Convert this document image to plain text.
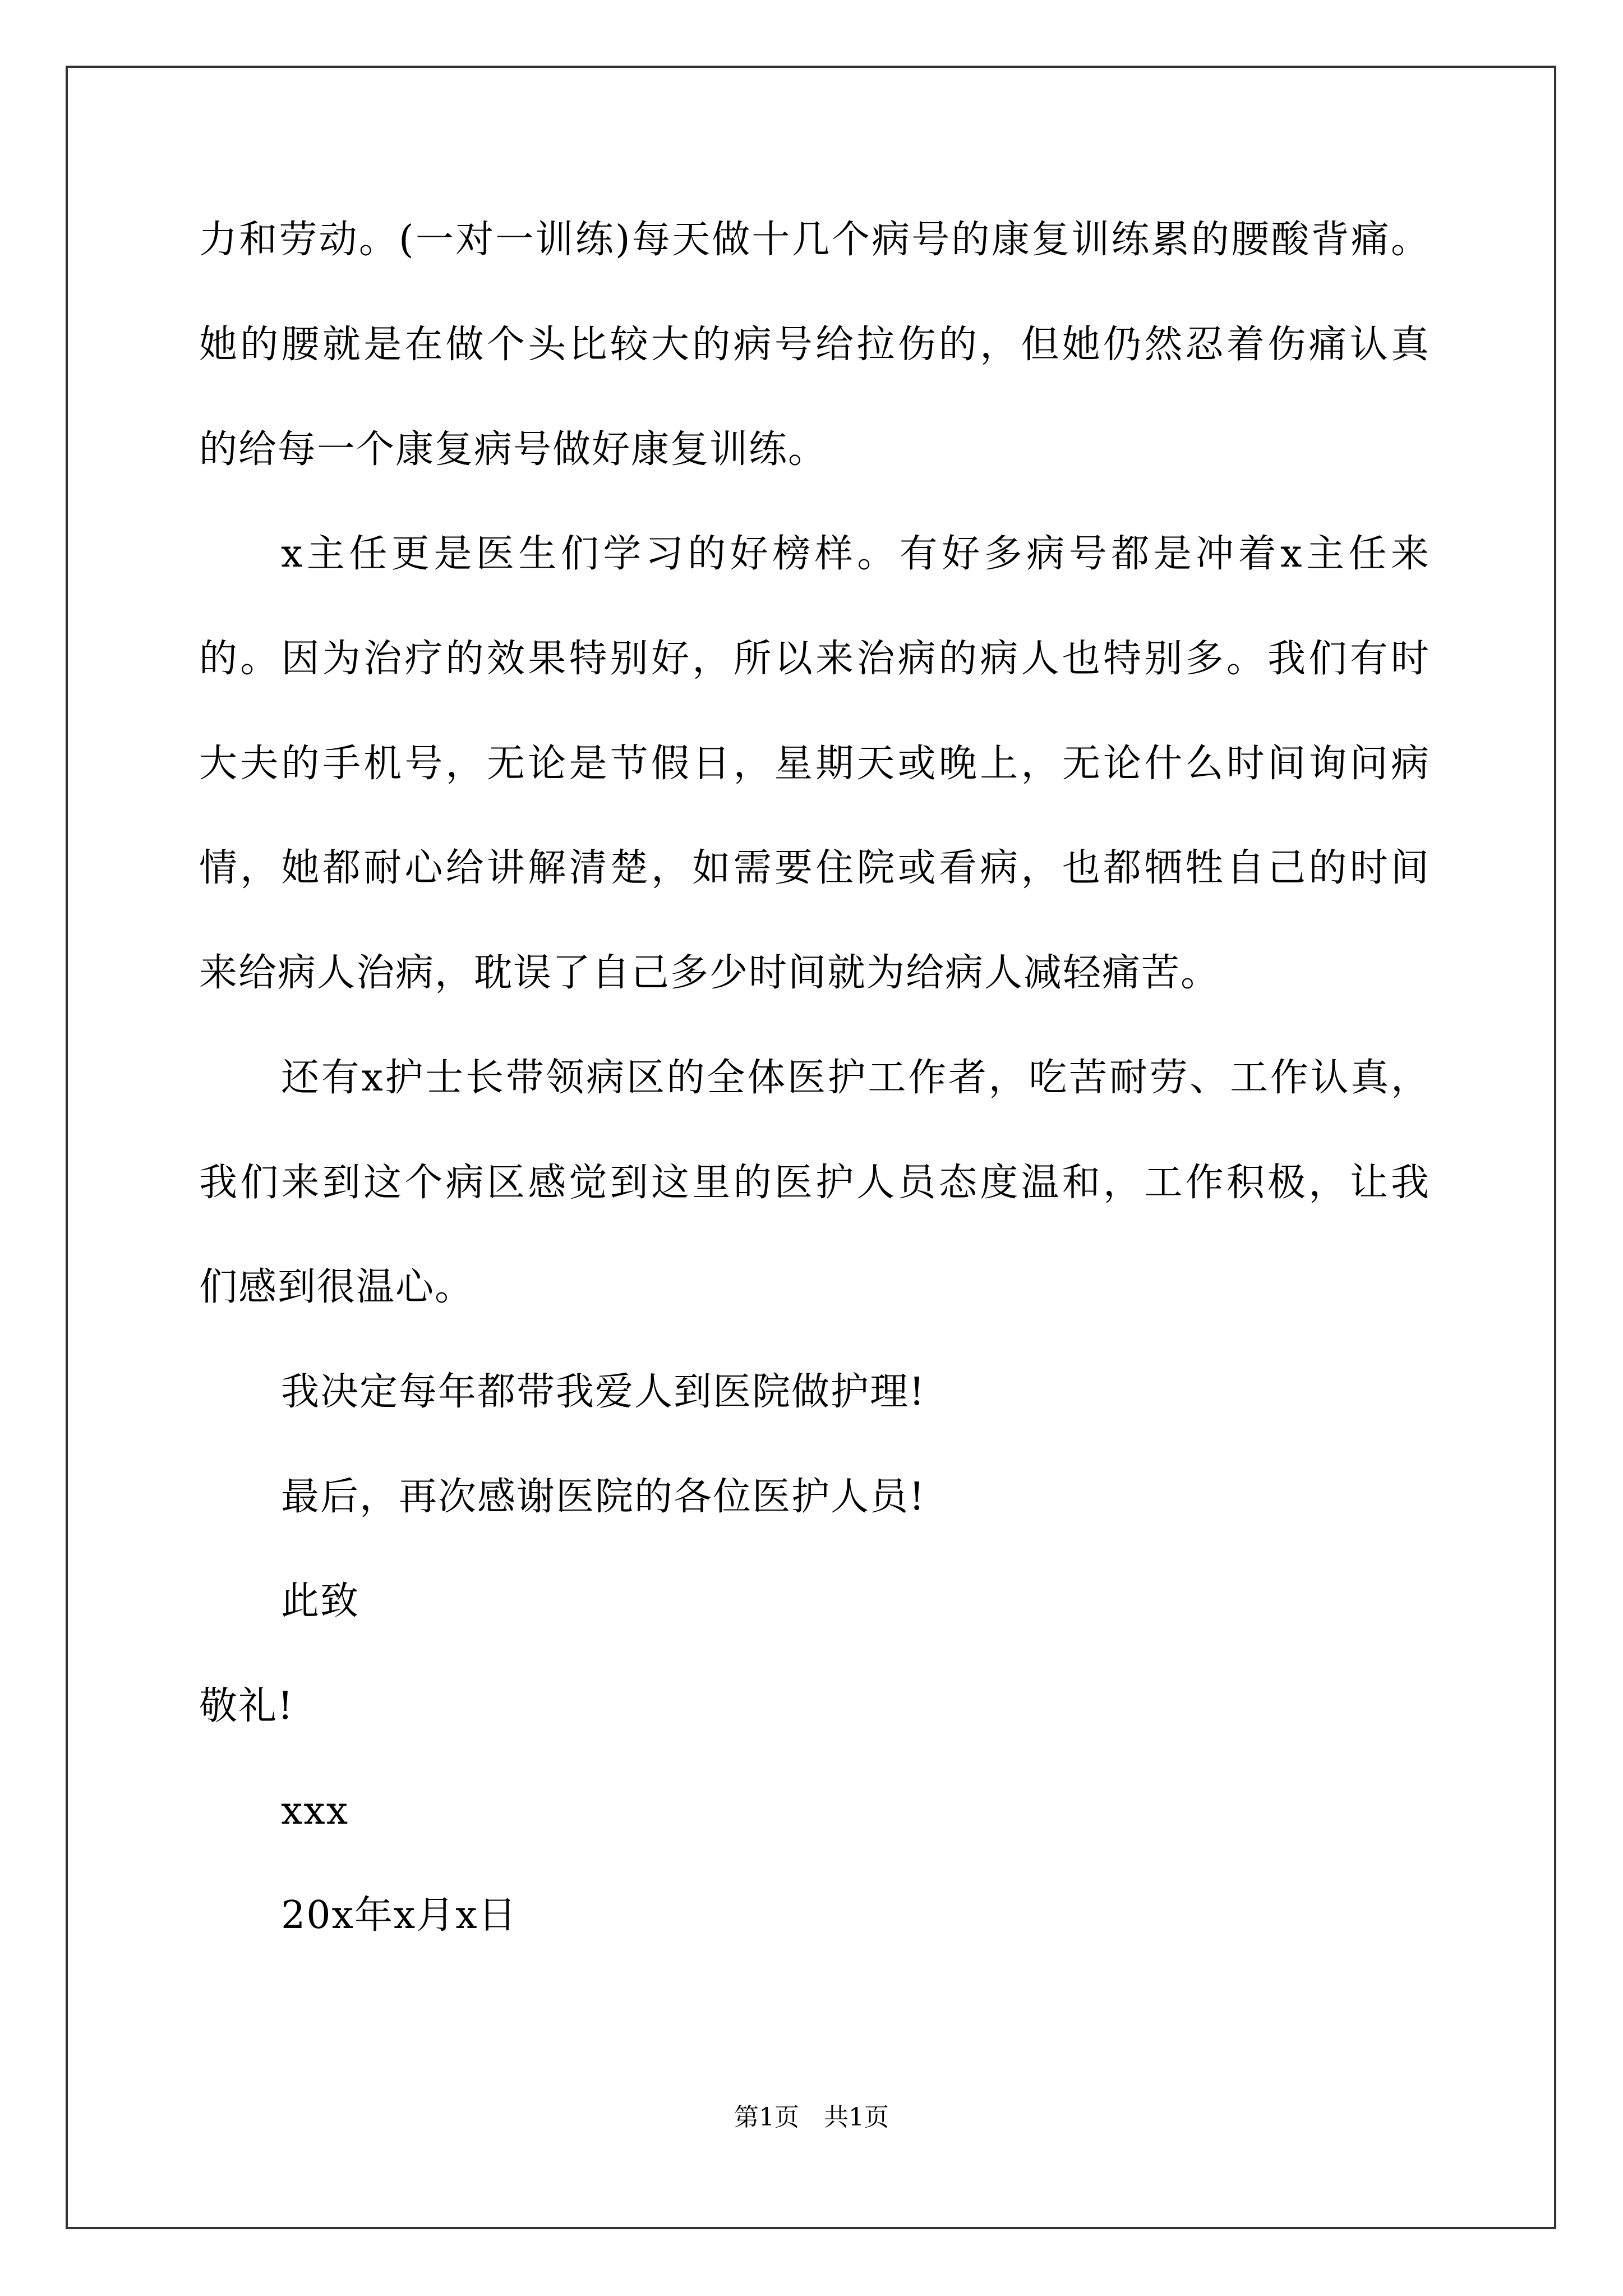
力和劳动。(一对一训练)每天做十几个病号的康复训练累的腰酸背痛。
她的腰就是在做个头比较大的病号给拉伤的，但她仍然忍着伤痛认真
的给每一个康复病号做好康复训练。
x主任更是医生们学习的好榜样。有好多病号都是冲着x主任来
的。因为治疗的效果特别好，所以来治病的病人也特别多。我们有时
大夫的手机号，无论是节假日，星期天或晚上，无论什么时间询问病
情，她都耐心给讲解清楚，如需要住院或看病，也都牺牲自己的时间
来给病人治病，耽误了自己多少时间就为给病人减轻痛苦。
还有x护士长带领病区的全体医护工作者，吃苦耐劳、工作认真，
我们来到这个病区感觉到这里的医护人员态度温和，工作积极，让我
们感到很温心。
我决定每年都带我爱人到医院做护理!
最后，再次感谢医院的各位医护人员!
此致
敬礼!
xxx
20x年x月x日
第1页　共1页
